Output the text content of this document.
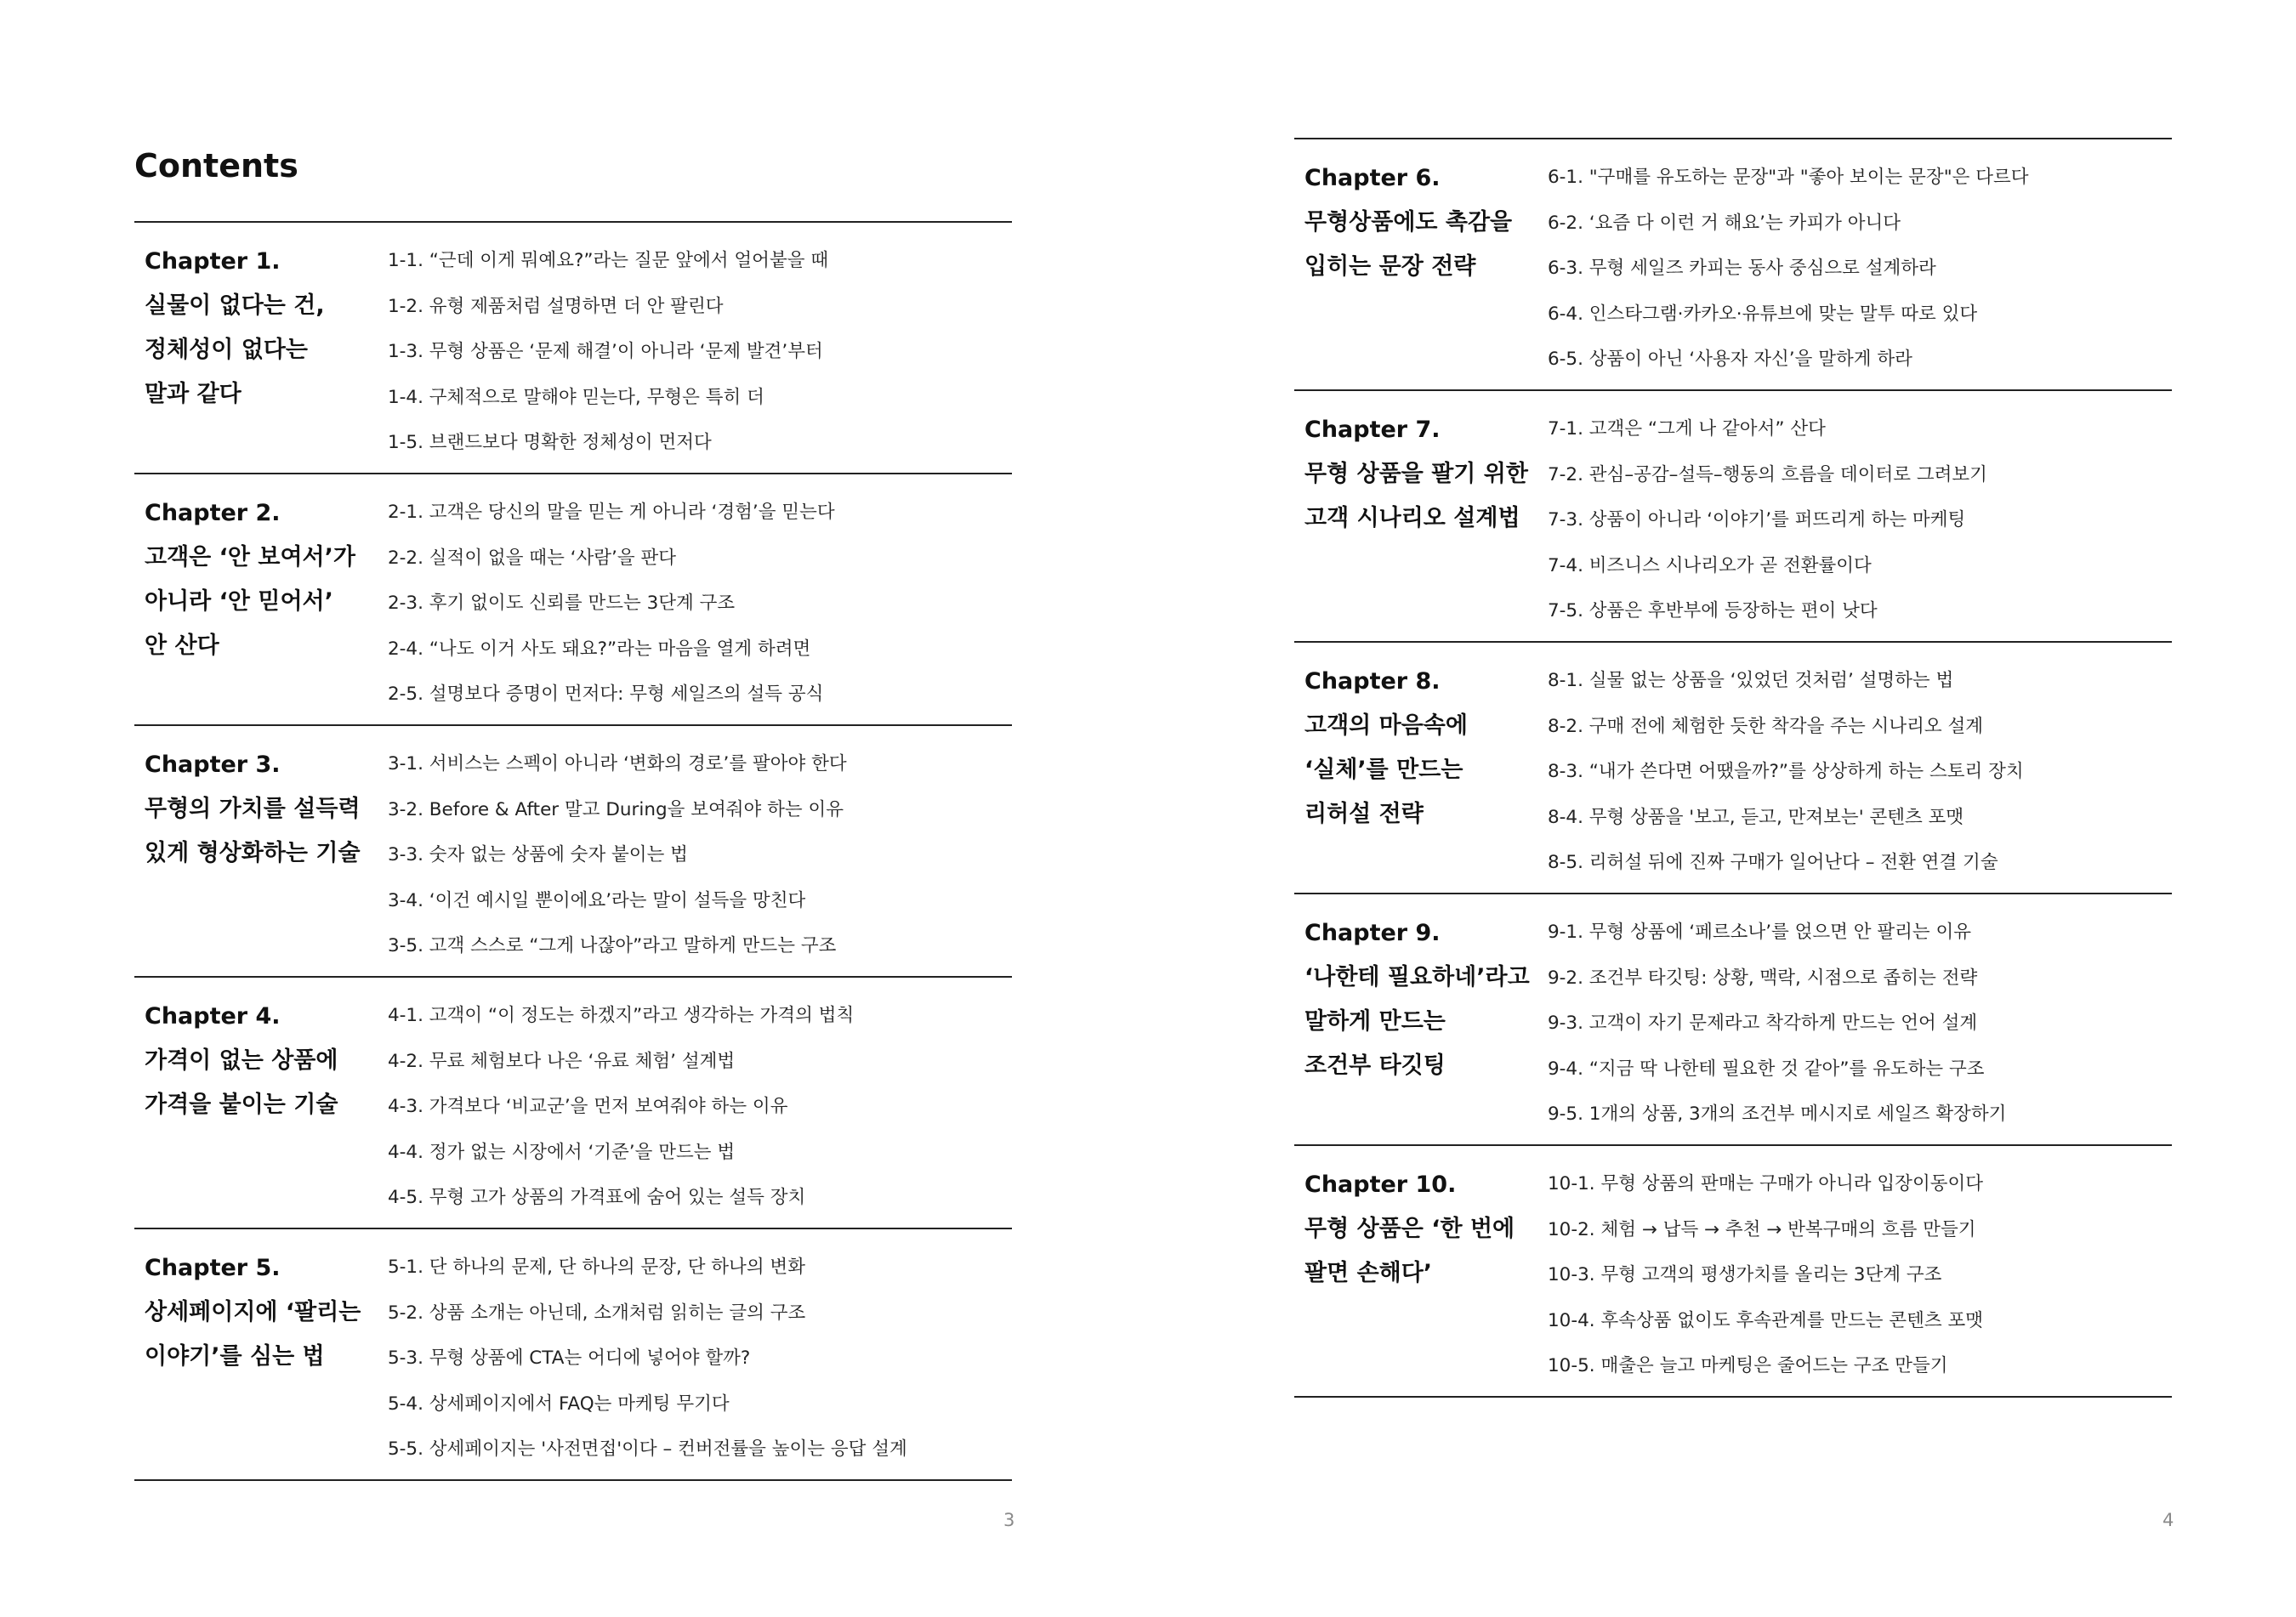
Contents
Chapter 1.
실물이 없다는 건,
정체성이 없다는
말과 같다
1-1. “근데 이게 뭐예요?”라는 질문 앞에서 얼어붙을 때
1-2. 유형 제품처럼 설명하면 더 안 팔린다
1-3. 무형 상품은 ‘문제 해결’이 아니라 ‘문제 발견’부터
1-4. 구체적으로 말해야 믿는다, 무형은 특히 더
1-5. 브랜드보다 명확한 정체성이 먼저다
Chapter 2.
고객은 ‘안 보여서’가
아니라 ‘안 믿어서’
안 산다
2-1. 고객은 당신의 말을 믿는 게 아니라 ‘경험’을 믿는다
2-2. 실적이 없을 때는 ‘사람’을 판다
2-3. 후기 없이도 신뢰를 만드는 3단계 구조
2-4. “나도 이거 사도 돼요?”라는 마음을 열게 하려면
2-5. 설명보다 증명이 먼저다: 무형 세일즈의 설득 공식
Chapter 3.
무형의 가치를 설득력
있게 형상화하는 기술
3-1. 서비스는 스펙이 아니라 ‘변화의 경로’를 팔아야 한다
3-2. Before & After 말고 During을 보여줘야 하는 이유
3-3. 숫자 없는 상품에 숫자 붙이는 법
3-4. ‘이건 예시일 뿐이에요’라는 말이 설득을 망친다
3-5. 고객 스스로 “그게 나잖아”라고 말하게 만드는 구조
Chapter 4.
가격이 없는 상품에
가격을 붙이는 기술
4-1. 고객이 “이 정도는 하겠지”라고 생각하는 가격의 법칙
4-2. 무료 체험보다 나은 ‘유료 체험’ 설계법
4-3. 가격보다 ‘비교군’을 먼저 보여줘야 하는 이유
4-4. 정가 없는 시장에서 ‘기준’을 만드는 법
4-5. 무형 고가 상품의 가격표에 숨어 있는 설득 장치
Chapter 5.
상세페이지에 ‘팔리는
이야기’를 심는 법
5-1. 단 하나의 문제, 단 하나의 문장, 단 하나의 변화
5-2. 상품 소개는 아닌데, 소개처럼 읽히는 글의 구조
5-3. 무형 상품에 CTA는 어디에 넣어야 할까?
5-4. 상세페이지에서 FAQ는 마케팅 무기다
5-5. 상세페이지는 '사전면접'이다 – 컨버전률을 높이는 응답 설계
3
Chapter 6.
무형상품에도 촉감을
입히는 문장 전략
6-1. "구매를 유도하는 문장"과 "좋아 보이는 문장"은 다르다
6-2. ‘요즘 다 이런 거 해요’는 카피가 아니다
6-3. 무형 세일즈 카피는 동사 중심으로 설계하라
6-4. 인스타그램·카카오·유튜브에 맞는 말투 따로 있다
6-5. 상품이 아닌 ‘사용자 자신’을 말하게 하라
Chapter 7.
무형 상품을 팔기 위한
고객 시나리오 설계법
7-1. 고객은 “그게 나 같아서” 산다
7-2. 관심–공감–설득–행동의 흐름을 데이터로 그려보기
7-3. 상품이 아니라 ‘이야기’를 퍼뜨리게 하는 마케팅
7-4. 비즈니스 시나리오가 곧 전환률이다
7-5. 상품은 후반부에 등장하는 편이 낫다
Chapter 8.
고객의 마음속에
‘실체’를 만드는
리허설 전략
8-1. 실물 없는 상품을 ‘있었던 것처럼’ 설명하는 법
8-2. 구매 전에 체험한 듯한 착각을 주는 시나리오 설계
8-3. “내가 쓴다면 어땠을까?”를 상상하게 하는 스토리 장치
8-4. 무형 상품을 '보고, 듣고, 만져보는' 콘텐츠 포맷
8-5. 리허설 뒤에 진짜 구매가 일어난다 – 전환 연결 기술
Chapter 9.
‘나한테 필요하네’라고
말하게 만드는
조건부 타깃팅
9-1. 무형 상품에 ‘페르소나’를 얹으면 안 팔리는 이유
9-2. 조건부 타깃팅: 상황, 맥락, 시점으로 좁히는 전략
9-3. 고객이 자기 문제라고 착각하게 만드는 언어 설계
9-4. “지금 딱 나한테 필요한 것 같아”를 유도하는 구조
9-5. 1개의 상품, 3개의 조건부 메시지로 세일즈 확장하기
Chapter 10.
무형 상품은 ‘한 번에
팔면 손해다’
10-1. 무형 상품의 판매는 구매가 아니라 입장이동이다
10-2. 체험 → 납득 → 추천 → 반복구매의 흐름 만들기
10-3. 무형 고객의 평생가치를 올리는 3단계 구조
10-4. 후속상품 없이도 후속관계를 만드는 콘텐츠 포맷
10-5. 매출은 늘고 마케팅은 줄어드는 구조 만들기
4
